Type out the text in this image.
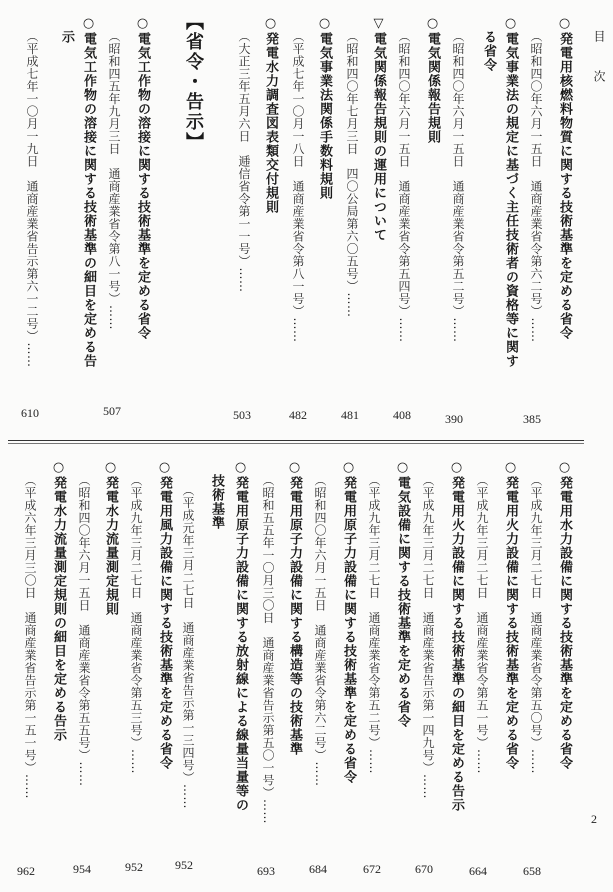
目 次
2
○発電用核燃料物質に関する技術基準を定める省令
（昭和四〇年六月一五日　通商産業省令第六二号）……
385
○電気事業法の規定に基づく主任技術者の資格等に関す
る省令
（昭和四〇年六月一五日　通商産業省令第五二号）……
390
○電気関係報告規則
（昭和四〇年六月一五日　通商産業省令第五四号）……
408
▽電気関係報告規則の運用について
（昭和四〇年七月三日　四〇公局第六〇五号）……
481
○電気事業法関係手数料規則
（平成七年一〇月一八日　通商産業省令第八一号）……
482
○発電水力調査図表類交付規則
（大正三年五月六日　逓信省令第一一号）……
503
【省令・告示】
○電気工作物の溶接に関する技術基準を定める省令
（昭和四五年九月三日　通商産業省令第八一号）……
507
○電気工作物の溶接に関する技術基準の細目を定める告
示
（平成七年一〇月一九日　通商産業省告示第六一二号）……
610
○発電用水力設備に関する技術基準を定める省令
（平成九年三月二七日　通商産業省令第五〇号）……
658
○発電用火力設備に関する技術基準を定める省令
（平成九年三月二七日　通商産業省令第五一号）……
664
○発電用火力設備に関する技術基準の細目を定める告示
（平成九年三月二七日　通商産業省告示第一四九号）……
670
○電気設備に関する技術基準を定める省令
（平成九年三月二七日　通商産業省令第五二号）……
672
○発電用原子力設備に関する技術基準を定める省令
（昭和四〇年六月一五日　通商産業省令第六二号）……
684
○発電用原子力設備に関する構造等の技術基準
（昭和五五年一〇月三〇日　通商産業省告示第五〇一号）……
693
○発電用原子力設備に関する放射線による線量当量等の
技術基準
（平成元年三月二七日　通商産業省告示第一三四号）……
952
○発電用風力設備に関する技術基準を定める省令
（平成九年三月二七日　通商産業省令第五三号）……
952
○発電水力流量測定規則
（昭和四〇年六月一五日　通商産業省令第五五号）……
954
○発電水力流量測定規則の細目を定める告示
（平成六年三月三〇日　通商産業省告示第一五一号）……
962
